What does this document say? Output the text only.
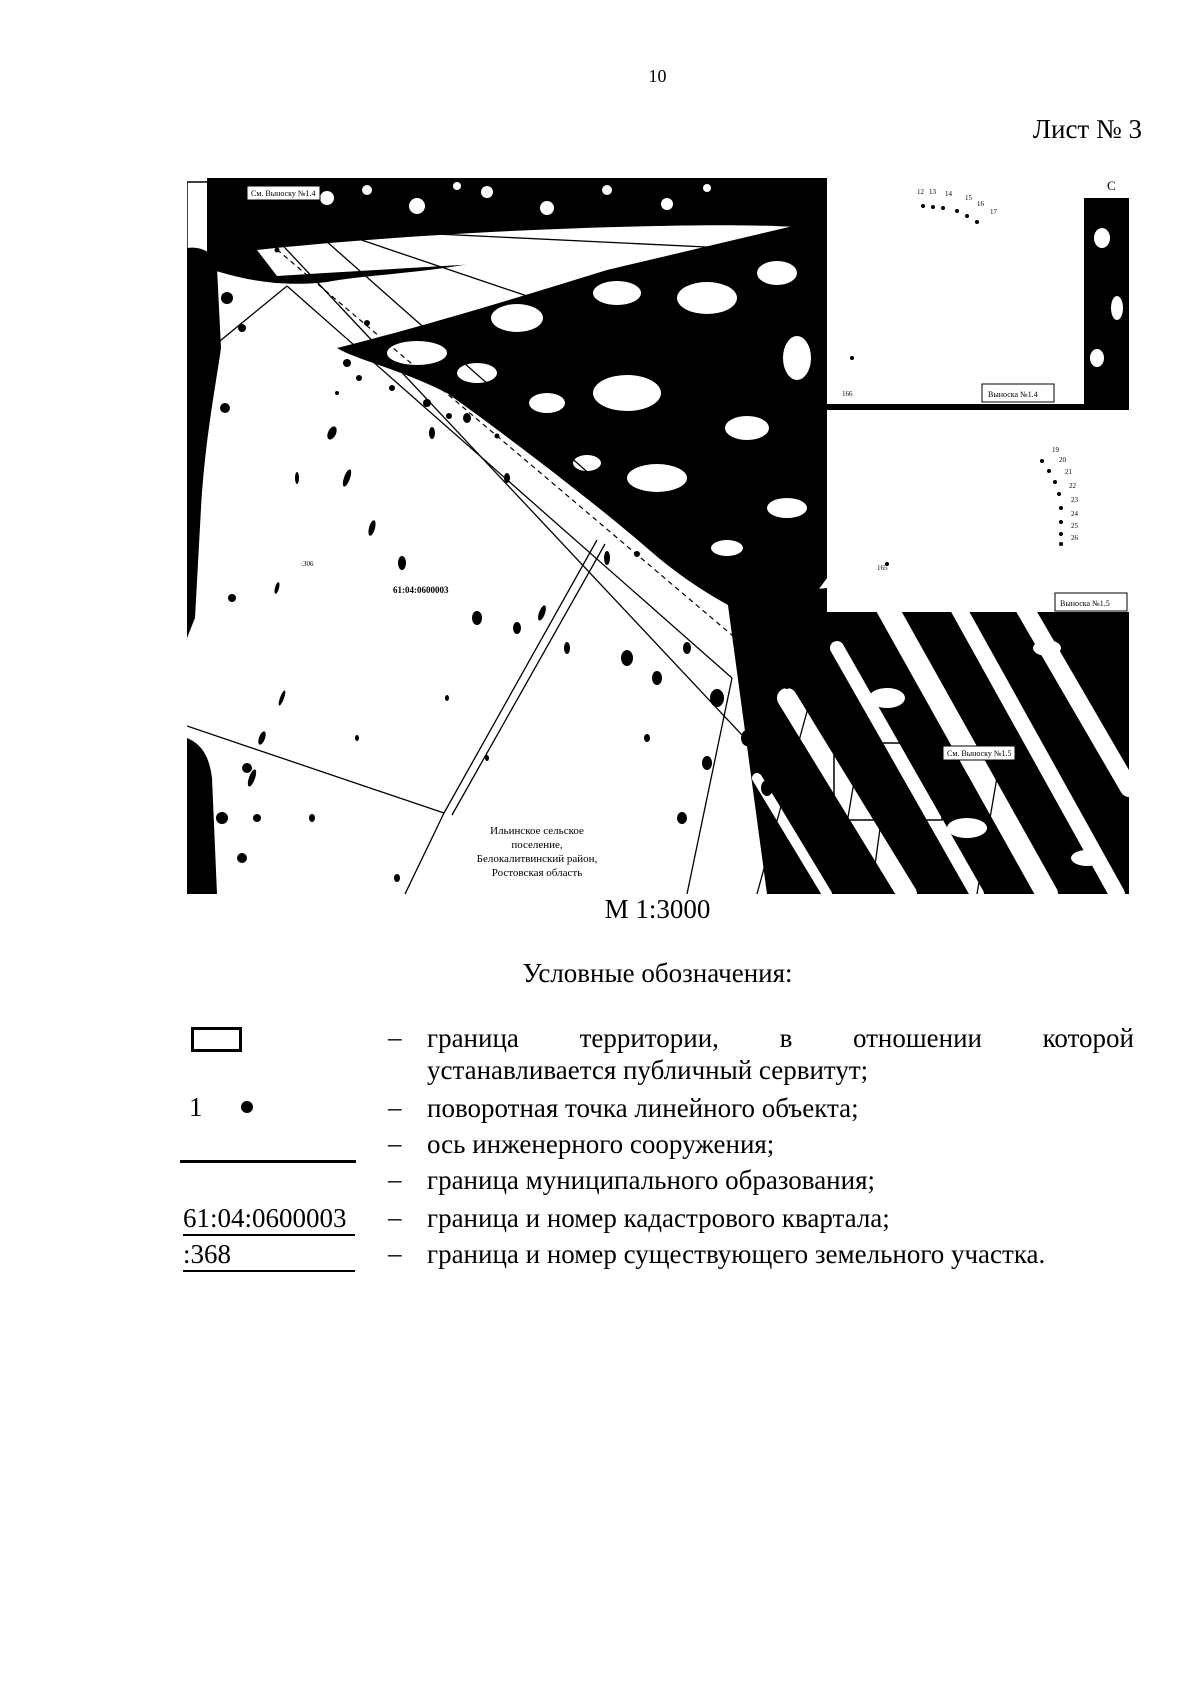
10
Лист № 3
12 13 14 15
16
17
19
20
21
22
23
24
25
26
166
165
См. Выноску №1.4
См. Выноску №1.5
Выноска №1.4
Выноска №1.5
61:04:0600003
:306
С
Ильинское сельское
поселение,
Белокалитвинский район,
Ростовская область
М 1:3000
Условные обозначения:
– граница территории, в отношении которой
устанавливается публичный сервитут;
1	– поворотная точка линейного объекта;
– ось инженерного сооружения;
– граница муниципального образования;
61:04:0600003	– граница и номер кадастрового квартала;
:368	– граница и номер существующего земельного участка.
